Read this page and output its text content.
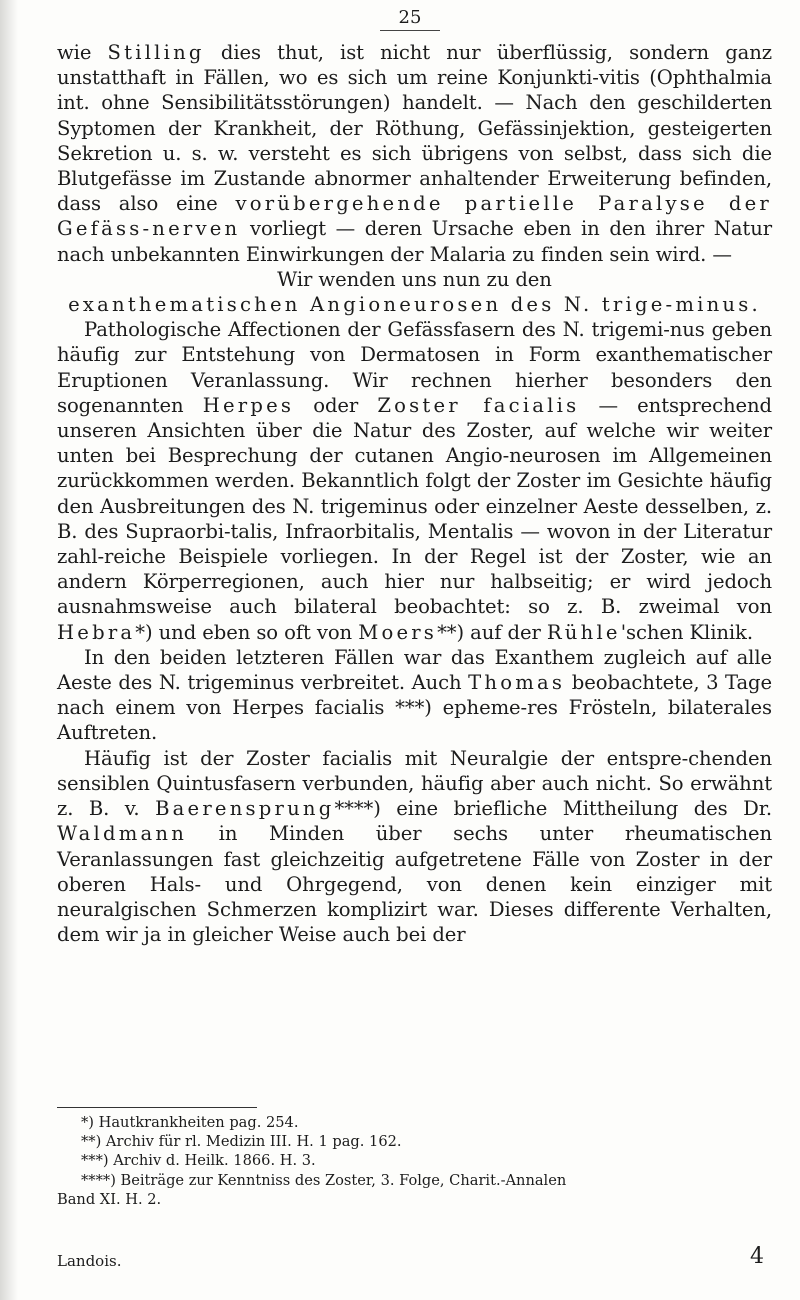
25

wie Stilling dies thut, ist nicht nur überflüssig, sondern ganz unstatthaft in Fällen, wo es sich um reine Konjunkti-vitis (Ophthalmia int. ohne Sensibilitätsstörungen) handelt. — Nach den geschilderten Syptomen der Krankheit, der Röthung, Gefässinjektion, gesteigerten Sekretion u. s. w. versteht es sich übrigens von selbst, dass sich die Blutgefässe im Zustande abnormer anhaltender Erweiterung befinden, dass also eine vorübergehende partielle Paralyse der Gefäss-nerven vorliegt — deren Ursache eben in den ihrer Natur nach unbekannten Einwirkungen der Malaria zu finden sein wird. —

Wir wenden uns nun zu den

exanthematischen Angioneurosen des N. trige-minus.

Pathologische Affectionen der Gefässfasern des N. trigemi-nus geben häufig zur Entstehung von Dermatosen in Form exanthematischer Eruptionen Veranlassung. Wir rechnen hierher besonders den sogenannten Herpes oder Zoster facialis — entsprechend unseren Ansichten über die Natur des Zoster, auf welche wir weiter unten bei Besprechung der cutanen Angio-neurosen im Allgemeinen zurückkommen werden. Bekanntlich folgt der Zoster im Gesichte häufig den Ausbreitungen des N. trigeminus oder einzelner Aeste desselben, z. B. des Supraorbi-talis, Infraorbitalis, Mentalis — wovon in der Literatur zahl-reiche Beispiele vorliegen. In der Regel ist der Zoster, wie an andern Körperregionen, auch hier nur halbseitig; er wird jedoch ausnahmsweise auch bilateral beobachtet: so z. B. zweimal von Hebra*) und eben so oft von Moers**) auf der Rühle'schen Klinik.

In den beiden letzteren Fällen war das Exanthem zugleich auf alle Aeste des N. trigeminus verbreitet. Auch Thomas beobachtete, 3 Tage nach einem von Herpes facialis ***) epheme-res Frösteln, bilaterales Auftreten.

Häufig ist der Zoster facialis mit Neuralgie der entspre-chenden sensiblen Quintusfasern verbunden, häufig aber auch nicht. So erwähnt z. B. v. Baerensprung****) eine briefliche Mittheilung des Dr. Waldmann in Minden über sechs unter rheumatischen Veranlassungen fast gleichzeitig aufgetretene Fälle von Zoster in der oberen Hals- und Ohrgegend, von denen kein einziger mit neuralgischen Schmerzen komplizirt war. Dieses differente Verhalten, dem wir ja in gleicher Weise auch bei der

*) Hautkrankheiten pag. 254.
**) Archiv für rl. Medizin III. H. 1 pag. 162.
***) Archiv d. Heilk. 1866. H. 3.
****) Beiträge zur Kenntniss des Zoster, 3. Folge, Charit.-Annalen
Band XI. H. 2.
Landois.	4
